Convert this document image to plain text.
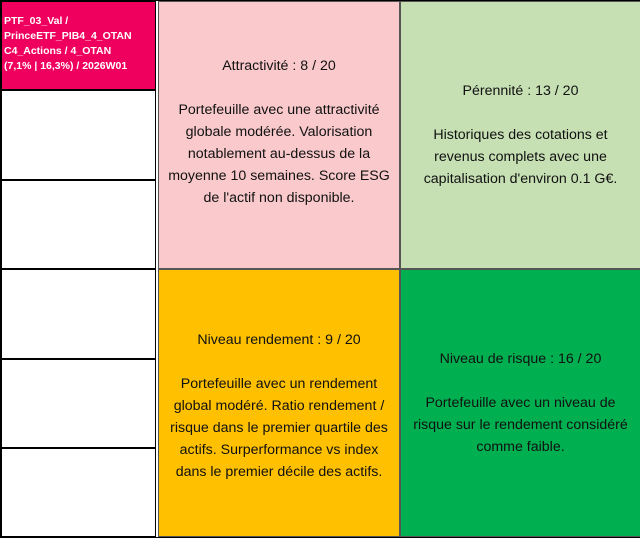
PTF_03_Val /
PrinceETF_PIB4_4_OTAN
C4_Actions / 4_OTAN
(7,1% | 16,3%) / 2026W01	Attractivité : 8 / 20
Portefeuille avec une attractivité globale modérée. Valorisation notablement au-dessus de la moyenne 10 semaines. Score ESG de l'actif non disponible.
Pérennité : 13 / 20
Historiques des cotations et revenus complets avec une capitalisation d'environ 0.1 G€.
Niveau rendement : 9 / 20
Portefeuille avec un rendement global modéré. Ratio rendement / risque dans le premier quartile des actifs. Surperformance vs index dans le premier décile des actifs.
Niveau de risque : 16 / 20
Portefeuille avec un niveau de risque sur le rendement considéré comme faible.
